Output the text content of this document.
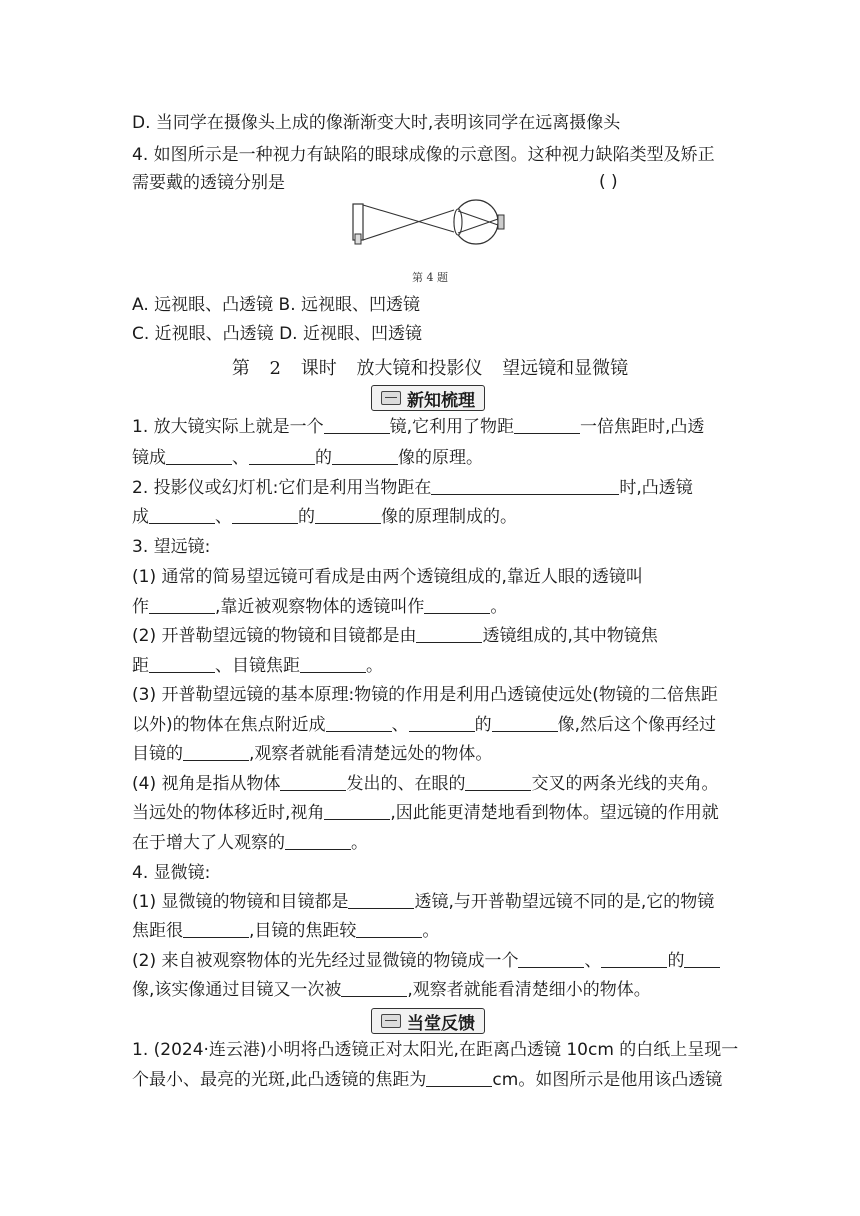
D. 当同学在摄像头上成的像渐渐变大时,表明该同学在远离摄像头
4. 如图所示是一种视力有缺陷的眼球成像的示意图。这种视力缺陷类型及矫正
需要戴的透镜分别是	( )
第 4 题
A. 远视眼、凸透镜 B. 远视眼、凹透镜
C. 近视眼、凸透镜 D. 近视眼、凹透镜
第 2 课时 放大镜和投影仪 望远镜和显微镜
新知梳理
1. 放大镜实际上就是一个	镜,它利用了物距	一倍焦距时,凸透
镜成	、	的	像的原理。
2. 投影仪或幻灯机:它们是利用当物距在	时,凸透镜
成	、	的	像的原理制成的。
3. 望远镜:
(1) 通常的简易望远镜可看成是由两个透镜组成的,靠近人眼的透镜叫
作	,靠近被观察物体的透镜叫作	。
(2) 开普勒望远镜的物镜和目镜都是由	透镜组成的,其中物镜焦
距	、目镜焦距	。
(3) 开普勒望远镜的基本原理:物镜的作用是利用凸透镜使远处(物镜的二倍焦距
以外)的物体在焦点附近成	、	的	像,然后这个像再经过
目镜的	,观察者就能看清楚远处的物体。
(4) 视角是指从物体	发出的、在眼的	交叉的两条光线的夹角。
当远处的物体移近时,视角	,因此能更清楚地看到物体。望远镜的作用就
在于增大了人观察的	。
4. 显微镜:
(1) 显微镜的物镜和目镜都是	透镜,与开普勒望远镜不同的是,它的物镜
焦距很	,目镜的焦距较	。
(2) 来自被观察物体的光先经过显微镜的物镜成一个	、	的
像,该实像通过目镜又一次被	,观察者就能看清楚细小的物体。
当堂反馈
1. (2024·连云港)小明将凸透镜正对太阳光,在距离凸透镜 10cm 的白纸上呈现一
个最小、最亮的光斑,此凸透镜的焦距为	cm。如图所示是他用该凸透镜
